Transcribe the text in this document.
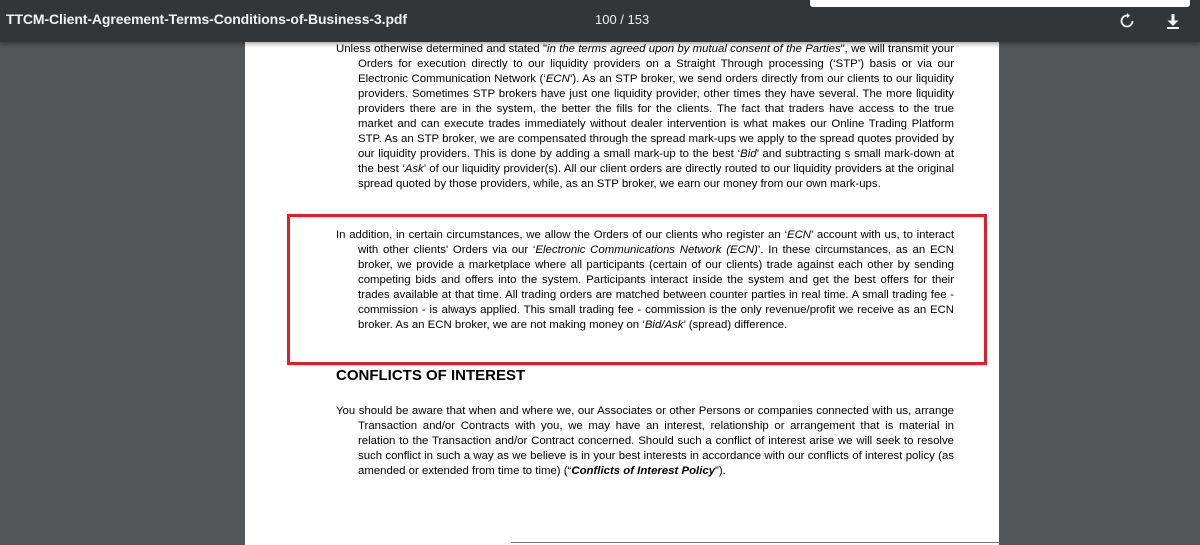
TTCM-Client-Agreement-Terms-Conditions-of-Business-3.pdf	100 / 153
Unless otherwise determined and stated "in the terms agreed upon by mutual consent of the Parties", we will transmit your Orders for execution directly to our liquidity providers on a Straight Through processing (‘STP’) basis or via our Electronic Communication Network (‘ECN’). As an STP broker, we send orders directly from our clients to our liquidity providers. Sometimes STP brokers have just one liquidity provider, other times they have several. The more liquidity providers there are in the system, the better the fills for the clients. The fact that traders have access to the true market and can execute trades immediately without dealer intervention is what makes our Online Trading Platform STP. As an STP broker, we are compensated through the spread mark-ups we apply to the spread quotes provided by our liquidity providers. This is done by adding a small mark-up to the best ‘Bid’ and subtracting s small mark-down at the best ‘Ask’ of our liquidity provider(s). All our client orders are directly routed to our liquidity providers at the original spread quoted by those providers, while, as an STP broker, we earn our money from our own mark-ups.
In addition, in certain circumstances, we allow the Orders of our clients who register an ‘ECN’ account with us, to interact with other clients' Orders via our ‘Electronic Communications Network (ECN)’. In these circumstances, as an ECN broker, we provide a marketplace where all participants (certain of our clients) trade against each other by sending competing bids and offers into the system. Participants interact inside the system and get the best offers for their trades available at that time. All trading orders are matched between counter parties in real time. A small trading fee - commission - is always applied. This small trading fee - commission is the only revenue/profit we receive as an ECN broker. As an ECN broker, we are not making money on ‘Bid/Ask’ (spread) difference.
CONFLICTS OF INTEREST
You should be aware that when and where we, our Associates or other Persons or companies connected with us, arrange Transaction and/or Contracts with you, we may have an interest, relationship or arrangement that is material in relation to the Transaction and/or Contract concerned. Should such a conflict of interest arise we will seek to resolve such conflict in such a way as we believe is in your best interests in accordance with our conflicts of interest policy (as amended or extended from time to time) (“Conflicts of Interest Policy”).
